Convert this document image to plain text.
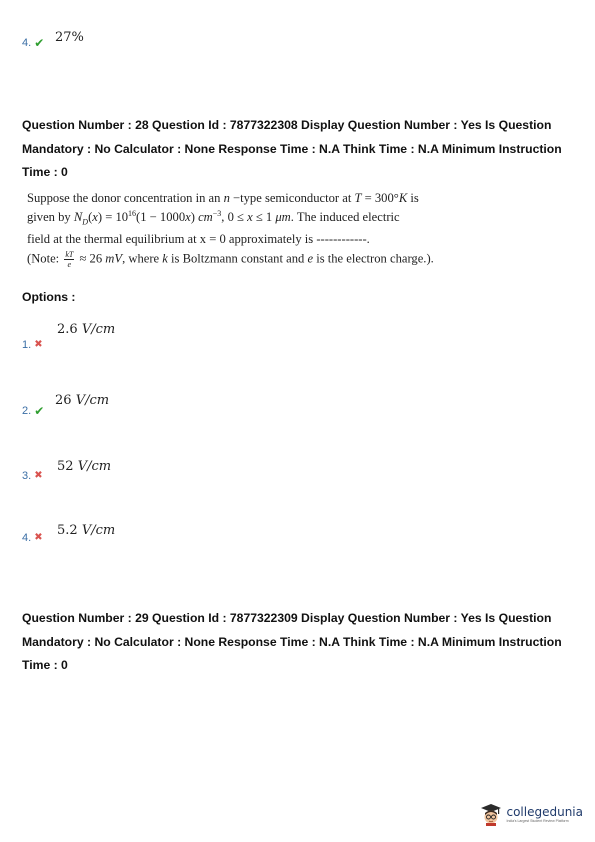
4. ✔ 27%
Question Number : 28 Question Id : 7877322308 Display Question Number : Yes Is Question
Mandatory : No Calculator : None Response Time : N.A Think Time : N.A Minimum Instruction
Time : 0
Suppose the donor concentration in an n −type semiconductor at T = 300°K is
given by $N_D(x) = 10^{16}(1 - 1000x)$ $cm^{-3}$, 0 ≤ x ≤ 1 μm. The induced electric
field at the thermal equilibrium at x = 0 approximately is ------------.
(Note: $\frac{kT}{e} \approx 26$ mV, where k is Boltzmann constant and e is the electron charge.).
Options :
2.6 V/cm
1. ✖
26 V/cm
2. ✔
52 V/cm
3. ✖
5.2 V/cm
4. ✖
Question Number : 29 Question Id : 7877322309 Display Question Number : Yes Is Question
Mandatory : No Calculator : None Response Time : N.A Think Time : N.A Minimum Instruction
Time : 0
collegedunia
India's Largest Student Review Platform
